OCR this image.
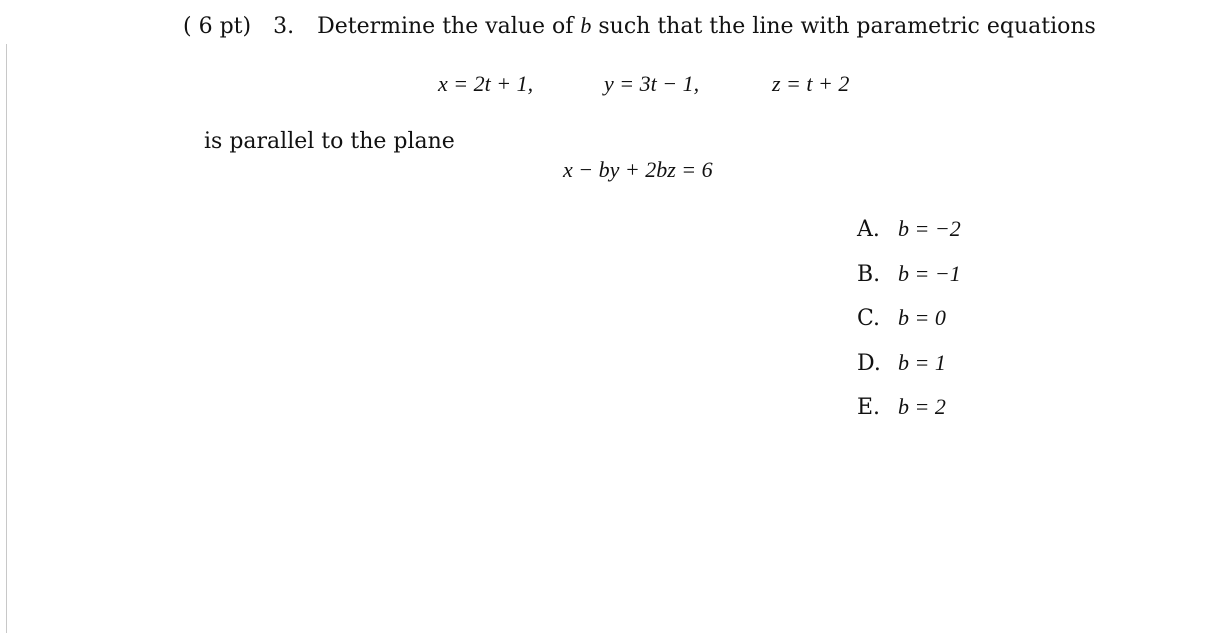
( 6 pt) 3. Determine the value of b such that the line with parametric equations
x = 2t + 1,	y = 3t − 1,	z = t + 2
is parallel to the plane
x − by + 2bz = 6
A. b = −2
B. b = −1
C. b = 0
D. b = 1
E. b = 2
